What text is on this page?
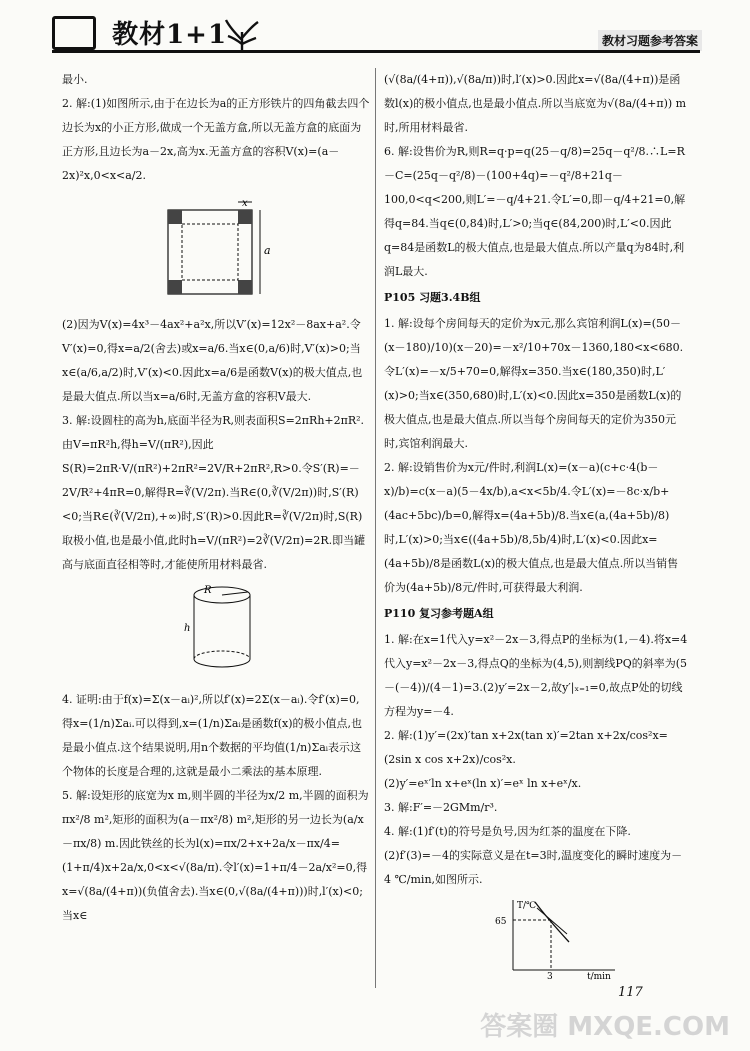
教材1+1	教材习题参考答案

最小.

2. 解:(1)如图所示,由于在边长为a的正方形铁片的四角截去四个边长为x的小正方形,做成一个无盖方盒,所以无盖方盒的底面为正方形,且边长为a－2x,高为x.无盖方盒的容积V(x)=(a－2x)²x,0<x<a/2.

x
a

(2)因为V(x)=4x³－4ax²+a²x,所以V′(x)=12x²－8ax+a².令V′(x)=0,得x=a/2(舍去)或x=a/6.当x∈(0,a/6)时,V′(x)>0;当x∈(a/6,a/2)时,V′(x)<0.因此x=a/6是函数V(x)的极大值点,也是最大值点.所以当x=a/6时,无盖方盒的容积V最大.

3. 解:设圆柱的高为h,底面半径为R,则表面积S=2πRh+2πR².由V=πR²h,得h=V/(πR²),因此S(R)=2πR·V/(πR²)+2πR²=2V/R+2πR²,R>0.令S′(R)=－2V/R²+4πR=0,解得R=∛(V/2π).当R∈(0,∛(V/2π))时,S′(R)<0;当R∈(∛(V/2π),+∞)时,S′(R)>0.因此R=∛(V/2π)时,S(R)取极小值,也是最小值,此时h=V/(πR²)=2∛(V/2π)=2R.即当罐高与底面直径相等时,才能使所用材料最省.

R
h

4. 证明:由于f(x)=Σ(x－aᵢ)²,所以f′(x)=2Σ(x－aᵢ).令f′(x)=0,得x=(1/n)Σaᵢ.可以得到,x=(1/n)Σaᵢ是函数f(x)的极小值点,也是最小值点.这个结果说明,用n个数据的平均值(1/n)Σaᵢ表示这个物体的长度是合理的,这就是最小二乘法的基本原理.

5. 解:设矩形的底宽为x m,则半圆的半径为x/2 m,半圆的面积为πx²/8 m²,矩形的面积为(a－πx²/8) m²,矩形的另一边长为(a/x－πx/8) m.因此铁丝的长为l(x)=πx/2+x+2a/x－πx/4=(1+π/4)x+2a/x,0<x<√(8a/π).令l′(x)=1+π/4－2a/x²=0,得x=√(8a/(4+π))(负值舍去).当x∈(0,√(8a/(4+π)))时,l′(x)<0;当x∈

(√(8a/(4+π)),√(8a/π))时,l′(x)>0.因此x=√(8a/(4+π))是函数l(x)的极小值点,也是最小值点.所以当底宽为√(8a/(4+π)) m时,所用材料最省.

6. 解:设售价为R,则R=q·p=q(25－q/8)=25q－q²/8.∴L=R－C=(25q－q²/8)－(100+4q)=－q²/8+21q－100,0<q<200,则L′=－q/4+21.令L′=0,即－q/4+21=0,解得q=84.当q∈(0,84)时,L′>0;当q∈(84,200)时,L′<0.因此q=84是函数L的极大值点,也是最大值点.所以产量q为84时,利润L最大.

P105 习题3.4B组

1. 解:设每个房间每天的定价为x元,那么宾馆利润L(x)=(50－(x－180)/10)(x－20)=－x²/10+70x－1360,180<x<680.令L′(x)=－x/5+70=0,解得x=350.当x∈(180,350)时,L′(x)>0;当x∈(350,680)时,L′(x)<0.因此x=350是函数L(x)的极大值点,也是最大值点.所以当每个房间每天的定价为350元时,宾馆利润最大.

2. 解:设销售价为x元/件时,利润L(x)=(x－a)(c+c·4(b－x)/b)=c(x－a)(5－4x/b),a<x<5b/4.令L′(x)=－8c·x/b+(4ac+5bc)/b=0,解得x=(4a+5b)/8.当x∈(a,(4a+5b)/8)时,L′(x)>0;当x∈((4a+5b)/8,5b/4)时,L′(x)<0.因此x=(4a+5b)/8是函数L(x)的极大值点,也是最大值点.所以当销售价为(4a+5b)/8元/件时,可获得最大利润.

P110 复习参考题A组

1. 解:在x=1代入y=x²－2x－3,得点P的坐标为(1,－4).将x=4代入y=x²－2x－3,得点Q的坐标为(4,5),则割线PQ的斜率为(5－(－4))/(4－1)=3.(2)y′=2x－2,故y′|ₓ₌₁=0,故点P处的切线方程为y=－4.

2. 解:(1)y′=(2x)′tan x+2x(tan x)′=2tan x+2x/cos²x=(2sin x cos x+2x)/cos²x.

(2)y′=eˣ′ln x+eˣ(ln x)′=eˣ ln x+eˣ/x.

3. 解:F′=－2GMm/r³.

4. 解:(1)f′(t)的符号是负号,因为红茶的温度在下降.

(2)f′(3)=－4的实际意义是在t=3时,温度变化的瞬时速度为－4 ℃/min,如图所示.

T/℃
65
3	t/min
117
答案圈 MXQE.COM
